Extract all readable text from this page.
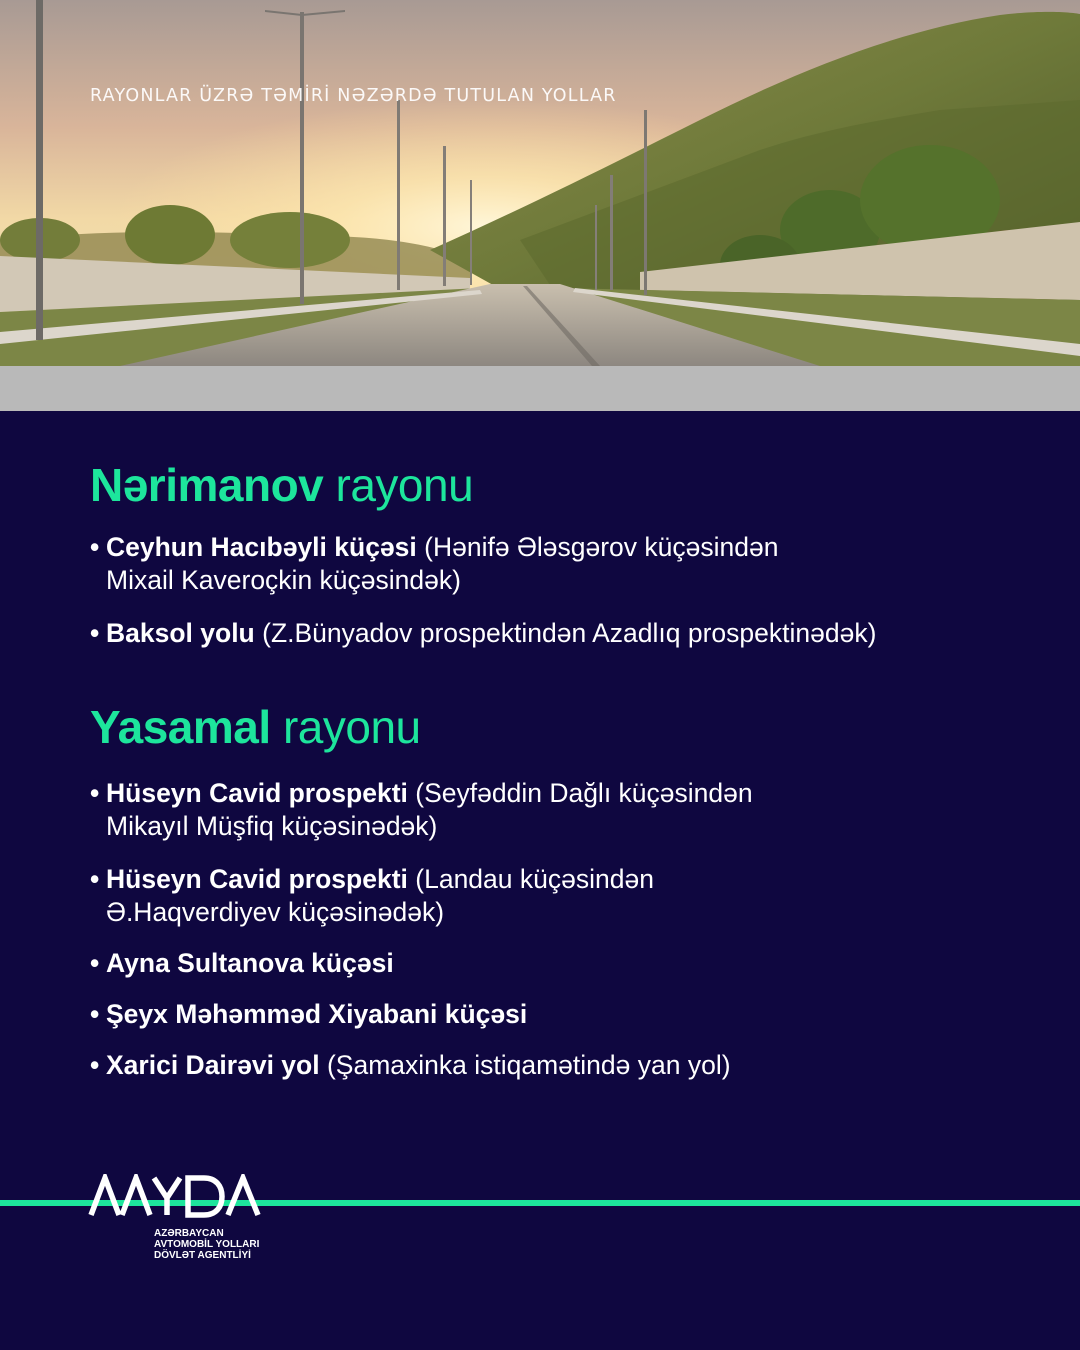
RAYONLAR ÜZRƏ TƏMİRİ NƏZƏRDƏ TUTULAN YOLLAR
Nərimanov rayonu
• Ceyhun Hacıbəyli küçəsi (Hənifə Ələsgərov küçəsindən Mixail Kaveroçkin küçəsindək)
• Baksol yolu (Z.Bünyadov prospektindən Azadlıq prospektinədək)
Yasamal rayonu
• Hüseyn Cavid prospekti (Seyfəddin Dağlı küçəsindən Mikayıl Müşfiq küçəsinədək)
• Hüseyn Cavid prospekti (Landau küçəsindən Ə.Haqverdiyev küçəsinədək)
• Ayna Sultanova küçəsi
• Şeyx Məhəmməd Xiyabani küçəsi
• Xarici Dairəvi yol (Şamaxinka istiqamətində yan yol)
AZƏRBAYCAN
AVTOMOBİL YOLLARI
DÖVLƏT AGENTLİYİ
